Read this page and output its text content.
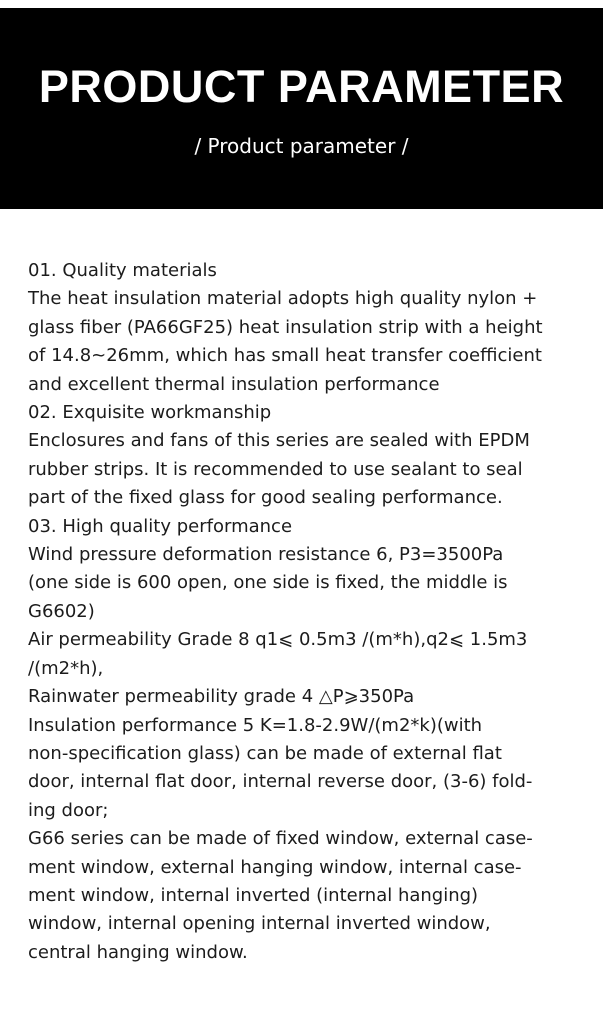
PRODUCT PARAMETER
/ Product parameter /
01. Quality materials
The heat insulation material adopts high quality nylon +
glass fiber (PA66GF25) heat insulation strip with a height
of 14.8~26mm, which has small heat transfer coefficient
and excellent thermal insulation performance
02. Exquisite workmanship
Enclosures and fans of this series are sealed with EPDM
rubber strips. It is recommended to use sealant to seal
part of the fixed glass for good sealing performance.
03. High quality performance
Wind pressure deformation resistance 6, P3=3500Pa
(one side is 600 open, one side is fixed, the middle is
G6602)
Air permeability Grade 8 q1⩽ 0.5m3 /(m*h),q2⩽ 1.5m3
/(m2*h),
Rainwater permeability grade 4 △P⩾350Pa
Insulation performance 5 K=1.8-2.9W/(m2*k)(with
non-specification glass) can be made of external flat
door, internal flat door, internal reverse door, (3-6) fold-
ing door;
G66 series can be made of fixed window, external case-
ment window, external hanging window, internal case-
ment window, internal inverted (internal hanging)
window, internal opening internal inverted window,
central hanging window.
